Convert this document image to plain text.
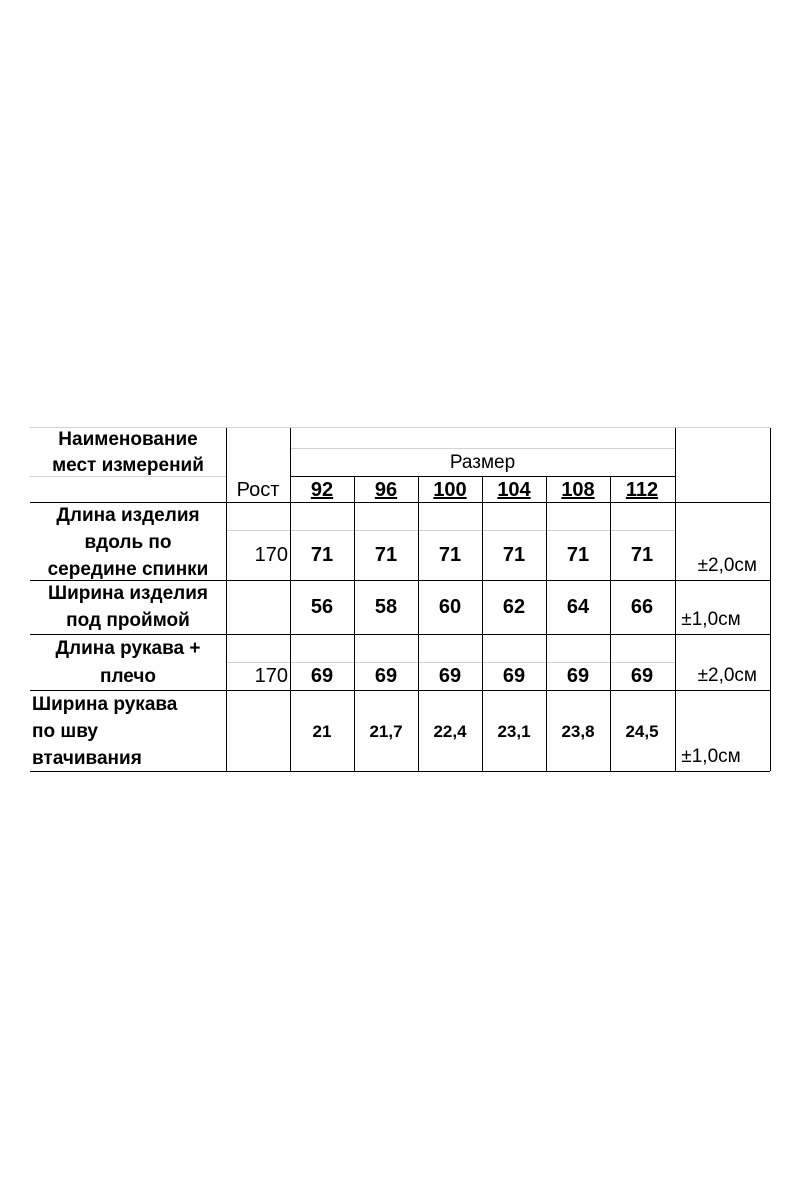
Наименование
мест измерений
Рост
Размер
92 96 100 104 108 112
Длина изделия
вдоль по
середине спинки
170 71 71 71 71 71 71 ±2,0см
Ширина изделия
под проймой
56 58 60 62 64 66
±1,0см
Длина рукава +
плечо	170 69 69 69 69 69 69 ±2,0см
Ширина рукава
по шву
втачивания
21 21,7 22,4 23,1 23,8 24,5
±1,0см
